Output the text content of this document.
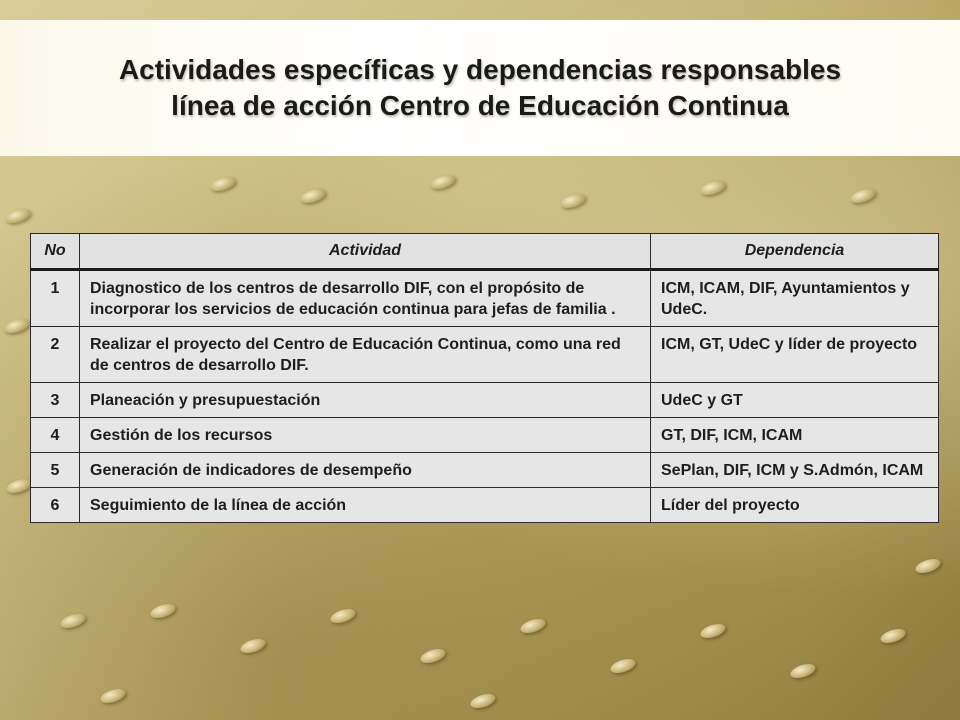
Actividades específicas y dependencias responsables
línea de acción Centro de Educación Continua
No	Actividad	Dependencia
1	Diagnostico de los centros de desarrollo DIF, con el propósito de incorporar los servicios de educación continua para jefas de familia .	ICM, ICAM, DIF, Ayuntamientos y UdeC.
2	Realizar el proyecto del Centro de Educación Continua, como una red de centros de desarrollo DIF.	ICM, GT, UdeC y líder de proyecto
3	Planeación y presupuestación	UdeC y GT
4	Gestión de los recursos	GT, DIF, ICM, ICAM
5	Generación de indicadores de desempeño	SePlan, DIF, ICM y S.Admón, ICAM
6	Seguimiento de la línea de acción	Líder del proyecto
